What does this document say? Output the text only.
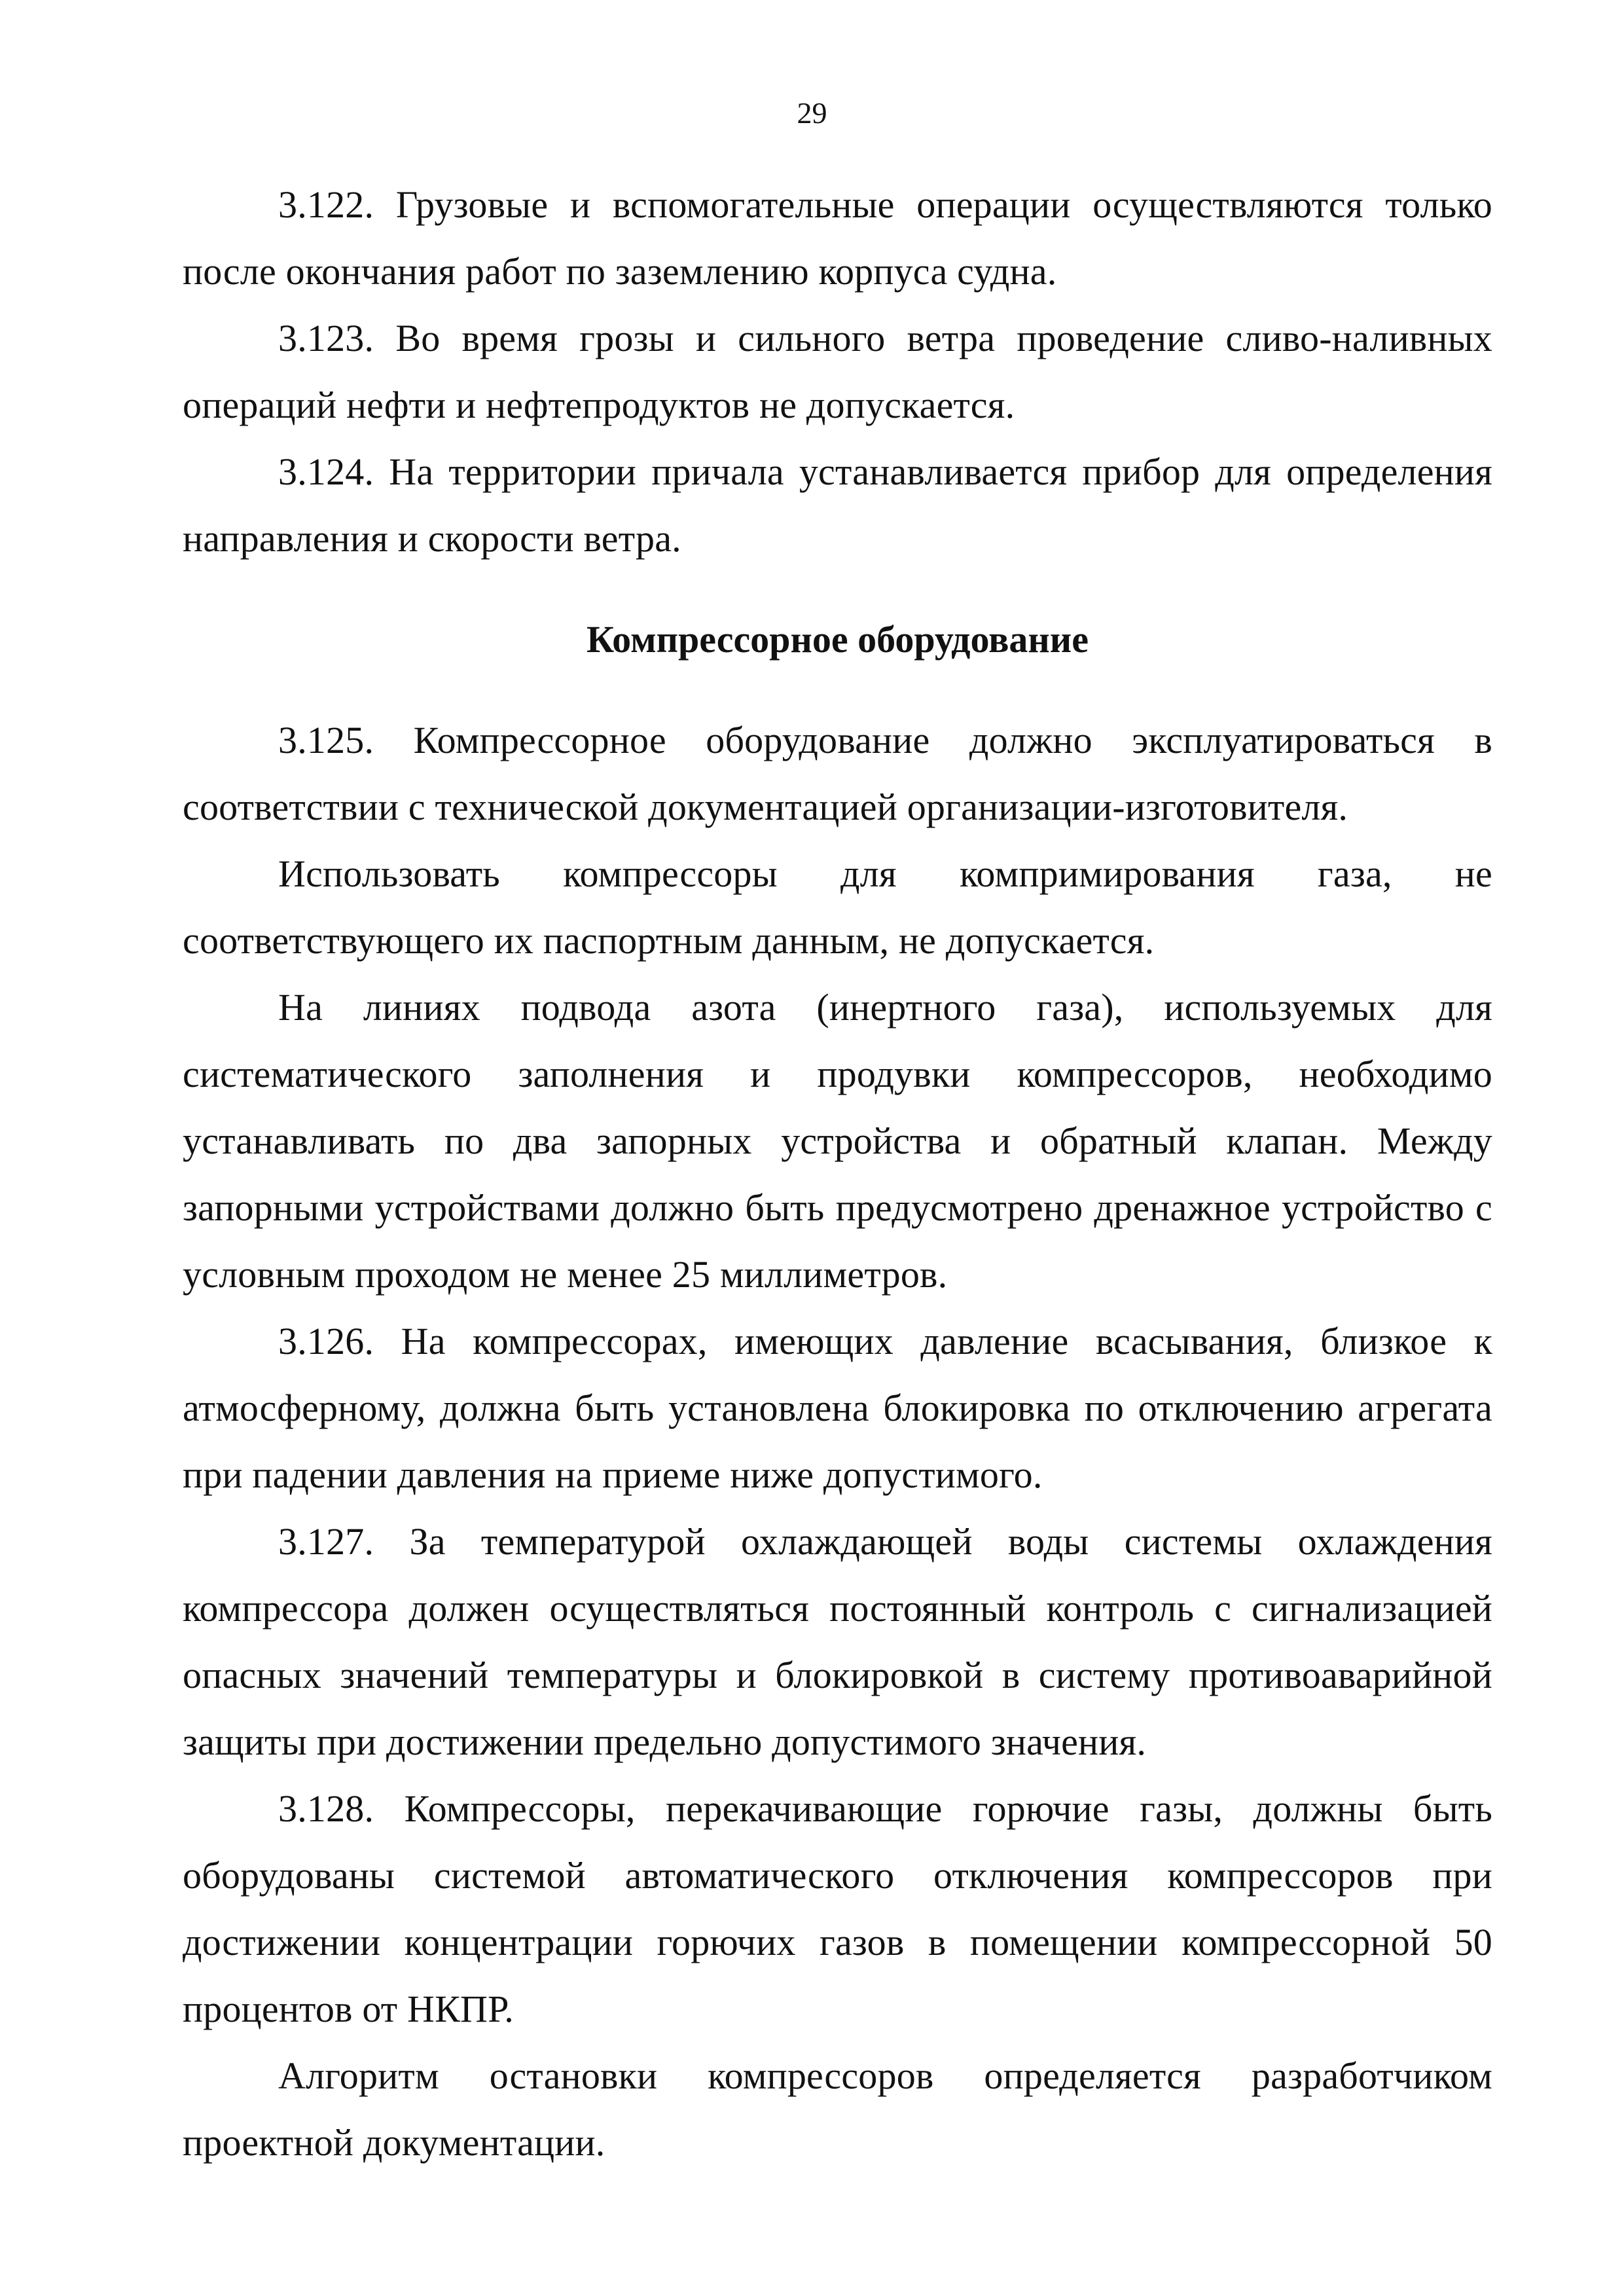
29

3.122. Грузовые и вспомогательные операции осуществляются только после окончания работ по заземлению корпуса судна.

3.123. Во время грозы и сильного ветра проведение сливо-наливных операций нефти и нефтепродуктов не допускается.

3.124. На территории причала устанавливается прибор для определения направления и скорости ветра.

Компрессорное оборудование

3.125. Компрессорное оборудование должно эксплуатироваться в соответствии с технической документацией организации-изготовителя.

Использовать компрессоры для компримирования газа, не соответствующего их паспортным данным, не допускается.

На линиях подвода азота (инертного газа), используемых для систематического заполнения и продувки компрессоров, необходимо устанавливать по два запорных устройства и обратный клапан. Между запорными устройствами должно быть предусмотрено дренажное устройство с условным проходом не менее 25 миллиметров.

3.126. На компрессорах, имеющих давление всасывания, близкое к атмосферному, должна быть установлена блокировка по отключению агрегата при падении давления на приеме ниже допустимого.

3.127. За температурой охлаждающей воды системы охлаждения компрессора должен осуществляться постоянный контроль с сигнализацией опасных значений температуры и блокировкой в систему противоаварийной защиты при достижении предельно допустимого значения.

3.128. Компрессоры, перекачивающие горючие газы, должны быть оборудованы системой автоматического отключения компрессоров при достижении концентрации горючих газов в помещении компрессорной 50 процентов от НКПР.

Алгоритм остановки компрессоров определяется разработчиком проектной документации.
